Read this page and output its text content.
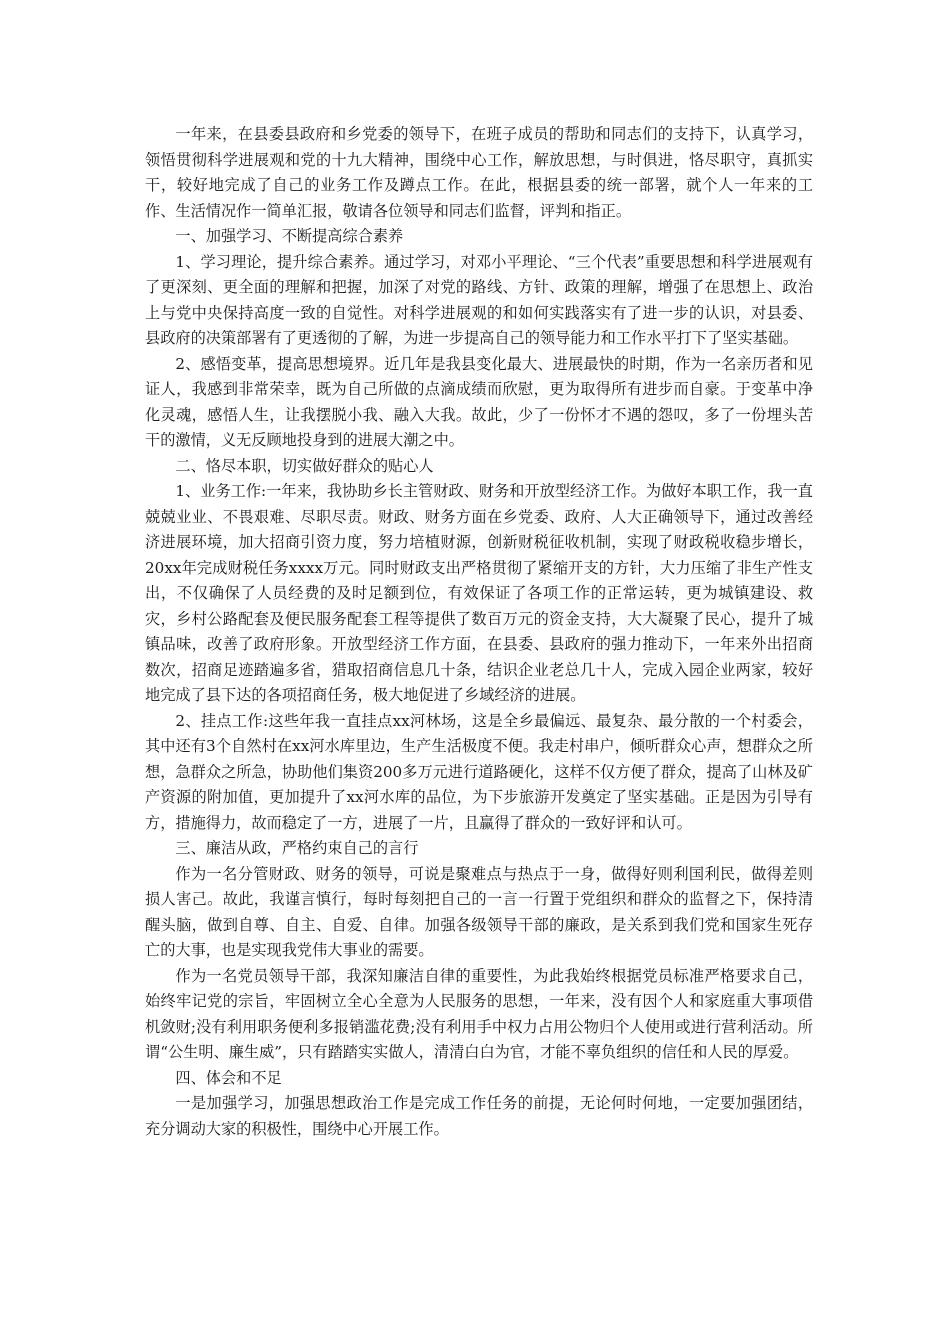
一年来，在县委县政府和乡党委的领导下，在班子成员的帮助和同志们的支持下，认真学习，领悟贯彻科学进展观和党的十九大精神，围绕中心工作，解放思想，与时俱进，恪尽职守，真抓实干，较好地完成了自己的业务工作及蹲点工作。在此，根据县委的统一部署，就个人一年来的工作、生活情况作一简单汇报，敬请各位领导和同志们监督，评判和指正。

一、加强学习、不断提高综合素养

1、学习理论，提升综合素养。通过学习，对邓小平理论、“三个代表”重要思想和科学进展观有了更深刻、更全面的理解和把握，加深了对党的路线、方针、政策的理解，增强了在思想上、政治上与党中央保持高度一致的自觉性。对科学进展观的和如何实践落实有了进一步的认识，对县委、县政府的决策部署有了更透彻的了解，为进一步提高自己的领导能力和工作水平打下了坚实基础。

2、感悟变革，提高思想境界。近几年是我县变化最大、进展最快的时期，作为一名亲历者和见证人，我感到非常荣幸，既为自己所做的点滴成绩而欣慰，更为取得所有进步而自豪。于变革中净化灵魂，感悟人生，让我摆脱小我、融入大我。故此，少了一份怀才不遇的怨叹，多了一份埋头苦干的激情，义无反顾地投身到的进展大潮之中。

二、恪尽本职，切实做好群众的贴心人

1、业务工作:一年来，我协助乡长主管财政、财务和开放型经济工作。为做好本职工作，我一直兢兢业业、不畏艰难、尽职尽责。财政、财务方面在乡党委、政府、人大正确领导下，通过改善经济进展环境，加大招商引资力度，努力培植财源，创新财税征收机制，实现了财政税收稳步增长，20xx年完成财税任务xxxx万元。同时财政支出严格贯彻了紧缩开支的方针，大力压缩了非生产性支出，不仅确保了人员经费的及时足额到位，有效保证了各项工作的正常运转，更为城镇建设、救灾，乡村公路配套及便民服务配套工程等提供了数百万元的资金支持，大大凝聚了民心，提升了城镇品味，改善了政府形象。开放型经济工作方面，在县委、县政府的强力推动下，一年来外出招商数次，招商足迹踏遍多省，猎取招商信息几十条，结识企业老总几十人，完成入园企业两家，较好地完成了县下达的各项招商任务，极大地促进了乡域经济的进展。

2、挂点工作:这些年我一直挂点xx河林场，这是全乡最偏远、最复杂、最分散的一个村委会，其中还有3个自然村在xx河水库里边，生产生活极度不便。我走村串户，倾听群众心声，想群众之所想，急群众之所急，协助他们集资200多万元进行道路硬化，这样不仅方便了群众，提高了山林及矿产资源的附加值，更加提升了xx河水库的品位，为下步旅游开发奠定了坚实基础。正是因为引导有方，措施得力，故而稳定了一方，进展了一片，且赢得了群众的一致好评和认可。

三、廉洁从政，严格约束自己的言行

作为一名分管财政、财务的领导，可说是聚难点与热点于一身，做得好则利国利民，做得差则损人害己。故此，我谨言慎行，每时每刻把自己的一言一行置于党组织和群众的监督之下，保持清醒头脑，做到自尊、自主、自爱、自律。加强各级领导干部的廉政，是关系到我们党和国家生死存亡的大事，也是实现我党伟大事业的需要。

作为一名党员领导干部，我深知廉洁自律的重要性，为此我始终根据党员标准严格要求自己，始终牢记党的宗旨，牢固树立全心全意为人民服务的思想，一年来，没有因个人和家庭重大事项借机敛财;没有利用职务便利多报销滥花费;没有利用手中权力占用公物归个人使用或进行营利活动。所谓“公生明、廉生威”，只有踏踏实实做人，清清白白为官，才能不辜负组织的信任和人民的厚爱。

四、体会和不足

一是加强学习，加强思想政治工作是完成工作任务的前提，无论何时何地，一定要加强团结，充分调动大家的积极性，围绕中心开展工作。
